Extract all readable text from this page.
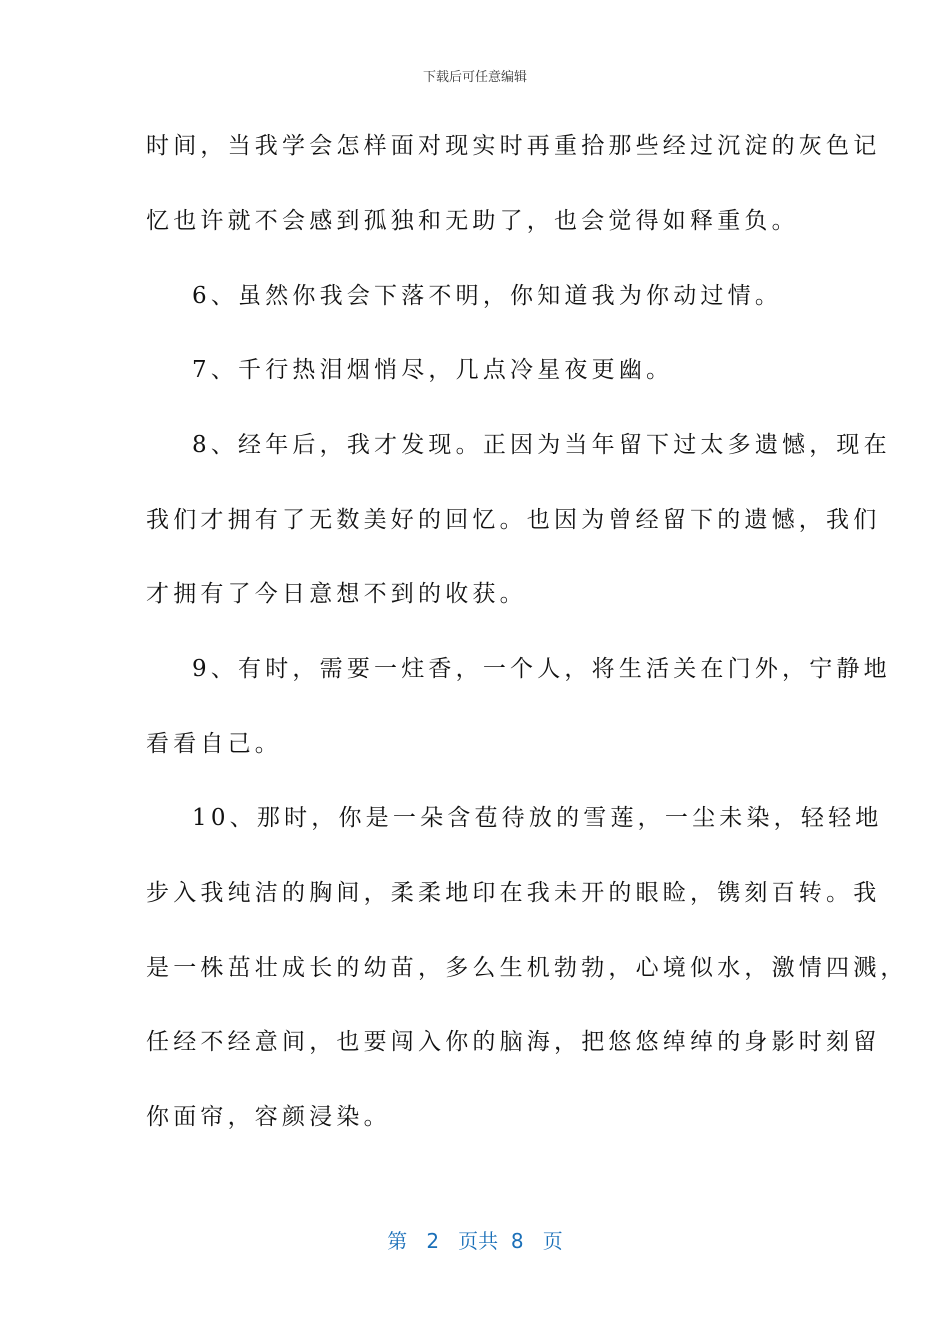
下载后可任意编辑
时间，当我学会怎样面对现实时再重拾那些经过沉淀的灰色记
忆也许就不会感到孤独和无助了，也会觉得如释重负。
6、虽然你我会下落不明，你知道我为你动过情。
7、千行热泪烟悄尽，几点冷星夜更幽。
8、经年后，我才发现。正因为当年留下过太多遗憾，现在
我们才拥有了无数美好的回忆。也因为曾经留下的遗憾，我们
才拥有了今日意想不到的收获。
9、有时，需要一炷香，一个人，将生活关在门外，宁静地
看看自己。
10、那时，你是一朵含苞待放的雪莲，一尘未染，轻轻地
步入我纯洁的胸间，柔柔地印在我未开的眼睑，镌刻百转。我
是一株茁壮成长的幼苗，多么生机勃勃，心境似水，激情四溅，
任经不经意间，也要闯入你的脑海，把悠悠绰绰的身影时刻留
你面帘，容颜浸染。
第 2 页共 8 页
